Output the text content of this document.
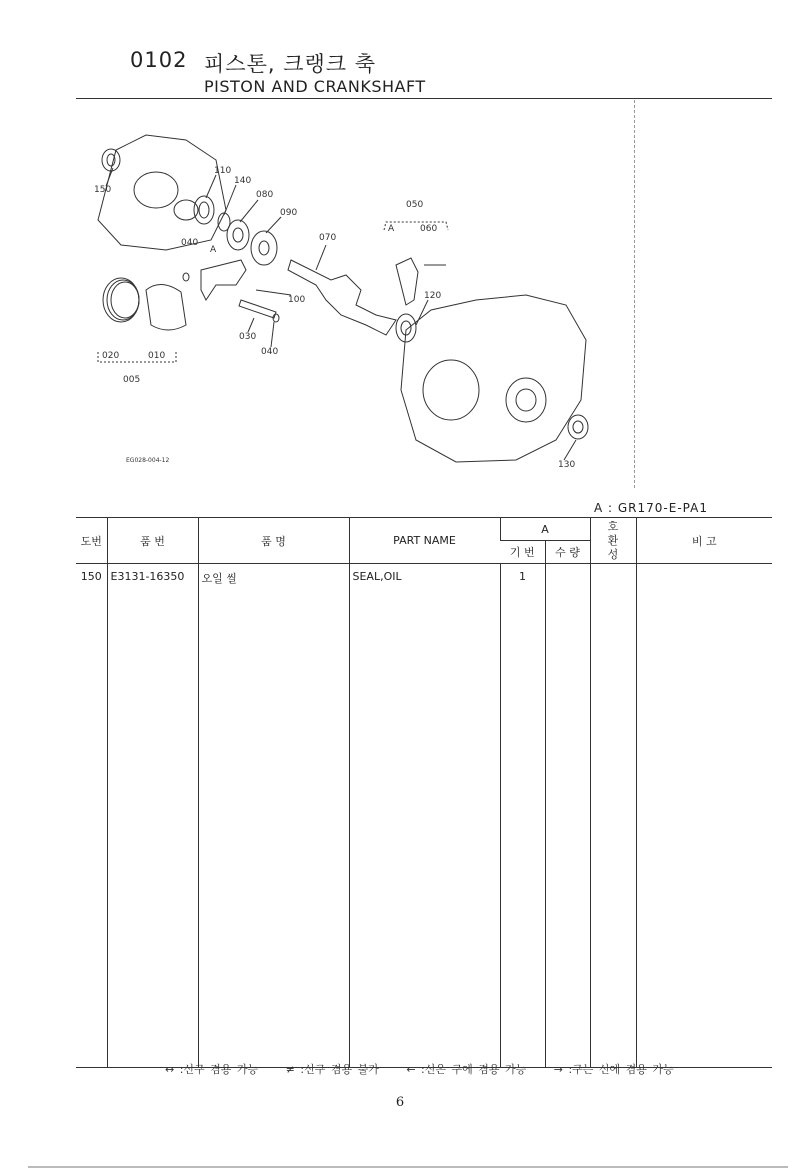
0102 피스톤, 크랭크 축
PISTON AND CRANKSHAFT
150
110
140
080
090
050
060
A
070
040
120
100
030
040
020	010
005
130
A
EG028-004-12
A : GR170-E-PA1
도번	품 번	품 명	PART NAME	A		호환성	비 고
				기 번	수 량		
150	E3131-16350	오일 씰	SEAL,OIL	1			
↔ :신구 겸용 가능	≠ :신구 겸용 불가	← :신은 구에 겸용 가능	→ :구는 신에 겸용 가능
6
